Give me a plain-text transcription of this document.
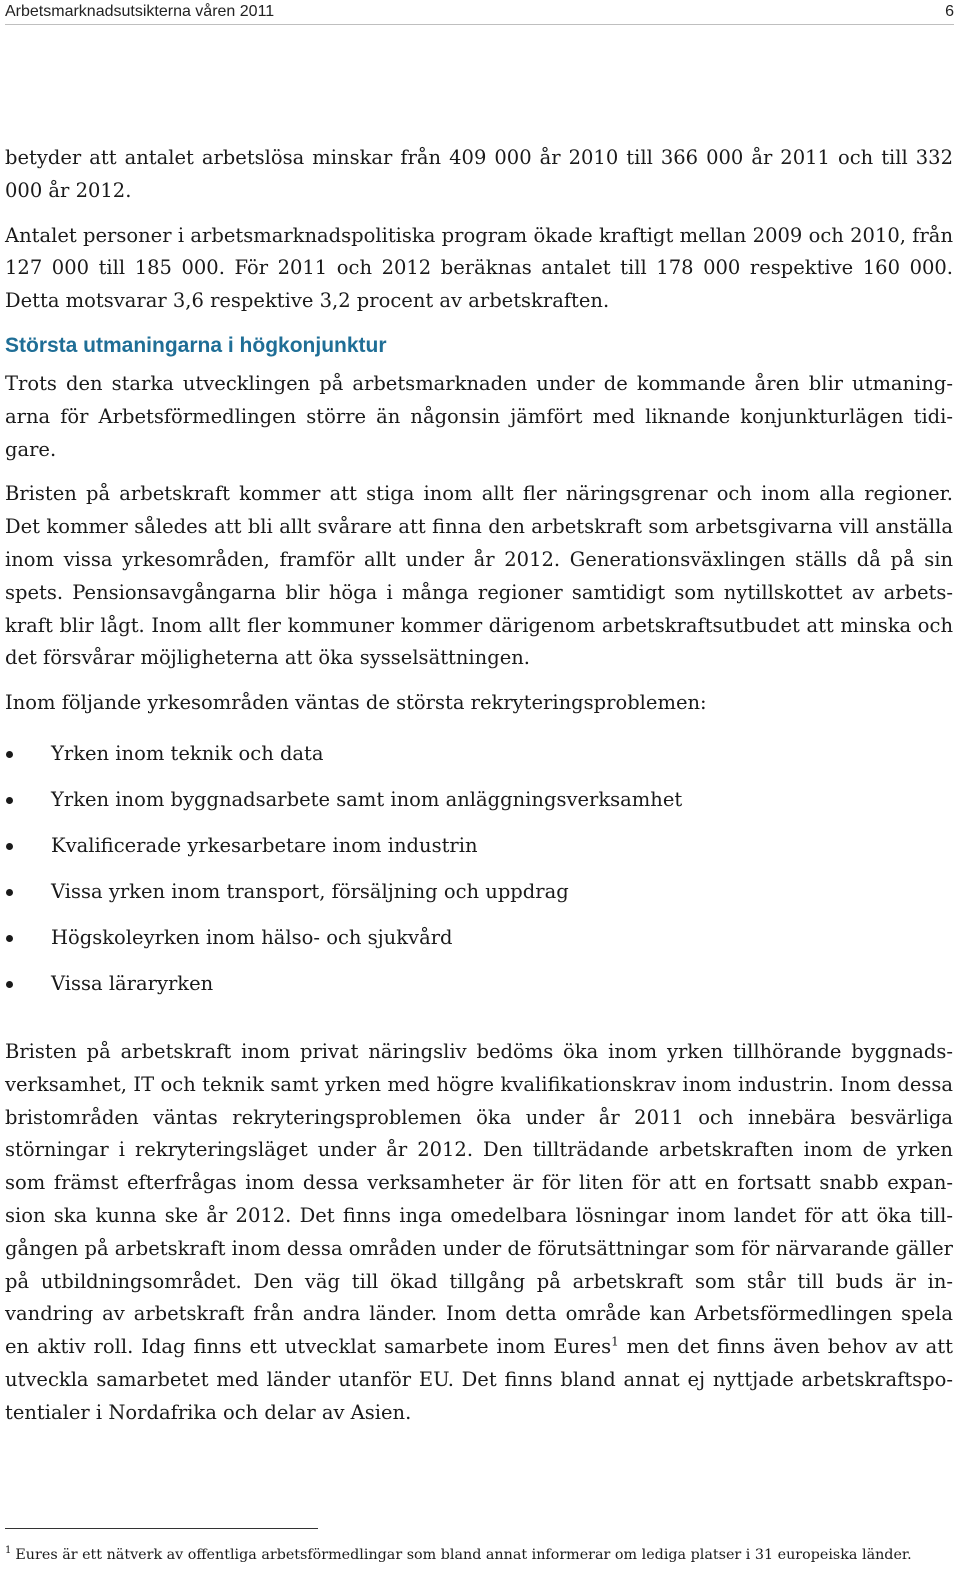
Arbetsmarknadsutsikterna våren 2011	6

betyder att antalet arbetslösa minskar från 409 000 år 2010 till 366 000 år 2011 och till 332 000 år 2012.

Antalet personer i arbetsmarknadspolitiska program ökade kraftigt mellan 2009 och 2010, från 127 000 till 185 000. För 2011 och 2012 beräknas antalet till 178 000 respektive 160 000. Detta motsvarar 3,6 respektive 3,2 procent av arbetskraften.

Största utmaningarna i högkonjunktur

Trots den starka utvecklingen på arbetsmarknaden under de kommande åren blir utmaningarna för Arbetsförmedlingen större än någonsin jämfört med liknande konjunkturlägen tidigare.

Bristen på arbetskraft kommer att stiga inom allt fler näringsgrenar och inom alla regioner. Det kommer således att bli allt svårare att finna den arbetskraft som arbetsgivarna vill anställa inom vissa yrkesområden, framför allt under år 2012. Generationsväxlingen ställs då på sin spets. Pensionsavgångarna blir höga i många regioner samtidigt som nytillskottet av arbetskraft blir lågt. Inom allt fler kommuner kommer därigenom arbetskraftsutbudet att minska och det försvårar möjligheterna att öka sysselsättningen.

Inom följande yrkesområden väntas de största rekryteringsproblemen:

Yrken inom teknik och data
Yrken inom byggnadsarbete samt inom anläggningsverksamhet
Kvalificerade yrkesarbetare inom industrin
Vissa yrken inom transport, försäljning och uppdrag
Högskoleyrken inom hälso- och sjukvård
Vissa läraryrken

Bristen på arbetskraft inom privat näringsliv bedöms öka inom yrken tillhörande byggnadsverksamhet, IT och teknik samt yrken med högre kvalifikationskrav inom industrin. Inom dessa bristområden väntas rekryteringsproblemen öka under år 2011 och innebära besvärliga störningar i rekryteringsläget under år 2012. Den tillträdande arbetskraften inom de yrken som främst efterfrågas inom dessa verksamheter är för liten för att en fortsatt snabb expansion ska kunna ske år 2012. Det finns inga omedelbara lösningar inom landet för att öka tillgången på arbetskraft inom dessa områden under de förutsättningar som för närvarande gäller på utbildningsområdet. Den väg till ökad tillgång på arbetskraft som står till buds är invandring av arbetskraft från andra länder. Inom detta område kan Arbetsförmedlingen spela en aktiv roll. Idag finns ett utvecklat samarbete inom Eures$^1$ men det finns även behov av att utveckla samarbetet med länder utanför EU. Det finns bland annat ej nyttjade arbetskraftspotentialer i Nordafrika och delar av Asien.

$^1$ Eures är ett nätverk av offentliga arbetsförmedlingar som bland annat informerar om lediga platser i 31 europeiska länder.
